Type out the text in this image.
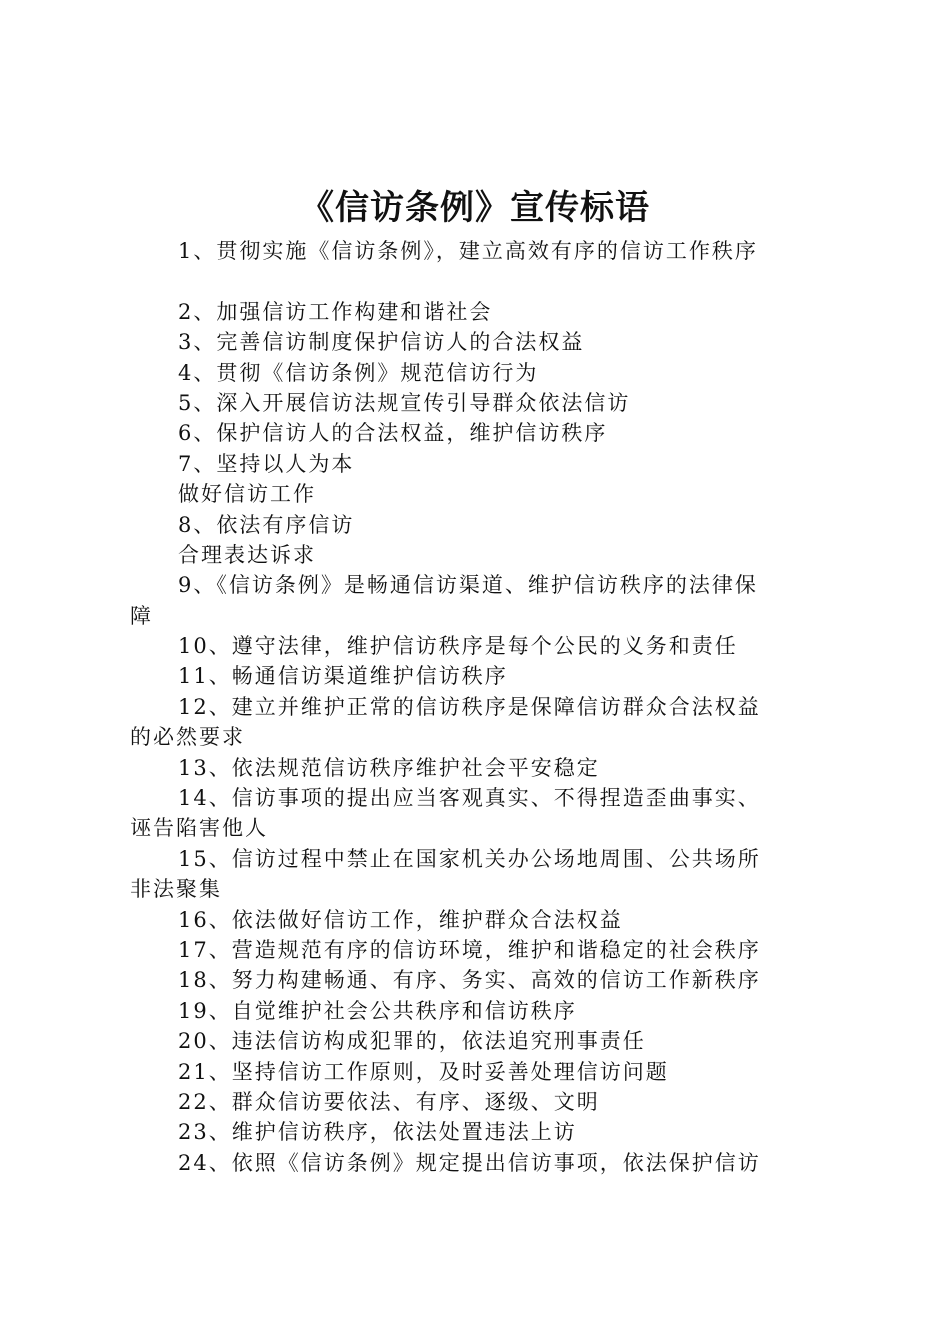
《信访条例》宣传标语
1、贯彻实施《信访条例》，建立高效有序的信访工作秩序
2、加强信访工作构建和谐社会
3、完善信访制度保护信访人的合法权益
4、贯彻《信访条例》规范信访行为
5、深入开展信访法规宣传引导群众依法信访
6、保护信访人的合法权益，维护信访秩序
7、坚持以人为本
做好信访工作
8、依法有序信访
合理表达诉求
9、《信访条例》是畅通信访渠道、维护信访秩序的法律保
障
10、遵守法律，维护信访秩序是每个公民的义务和责任
11、畅通信访渠道维护信访秩序
12、建立并维护正常的信访秩序是保障信访群众合法权益
的必然要求
13、依法规范信访秩序维护社会平安稳定
14、信访事项的提出应当客观真实、不得捏造歪曲事实、
诬告陷害他人
15、信访过程中禁止在国家机关办公场地周围、公共场所
非法聚集
16、依法做好信访工作，维护群众合法权益
17、营造规范有序的信访环境，维护和谐稳定的社会秩序
18、努力构建畅通、有序、务实、高效的信访工作新秩序
19、自觉维护社会公共秩序和信访秩序
20、违法信访构成犯罪的，依法追究刑事责任
21、坚持信访工作原则，及时妥善处理信访问题
22、群众信访要依法、有序、逐级、文明
23、维护信访秩序，依法处置违法上访
24、依照《信访条例》规定提出信访事项，依法保护信访
